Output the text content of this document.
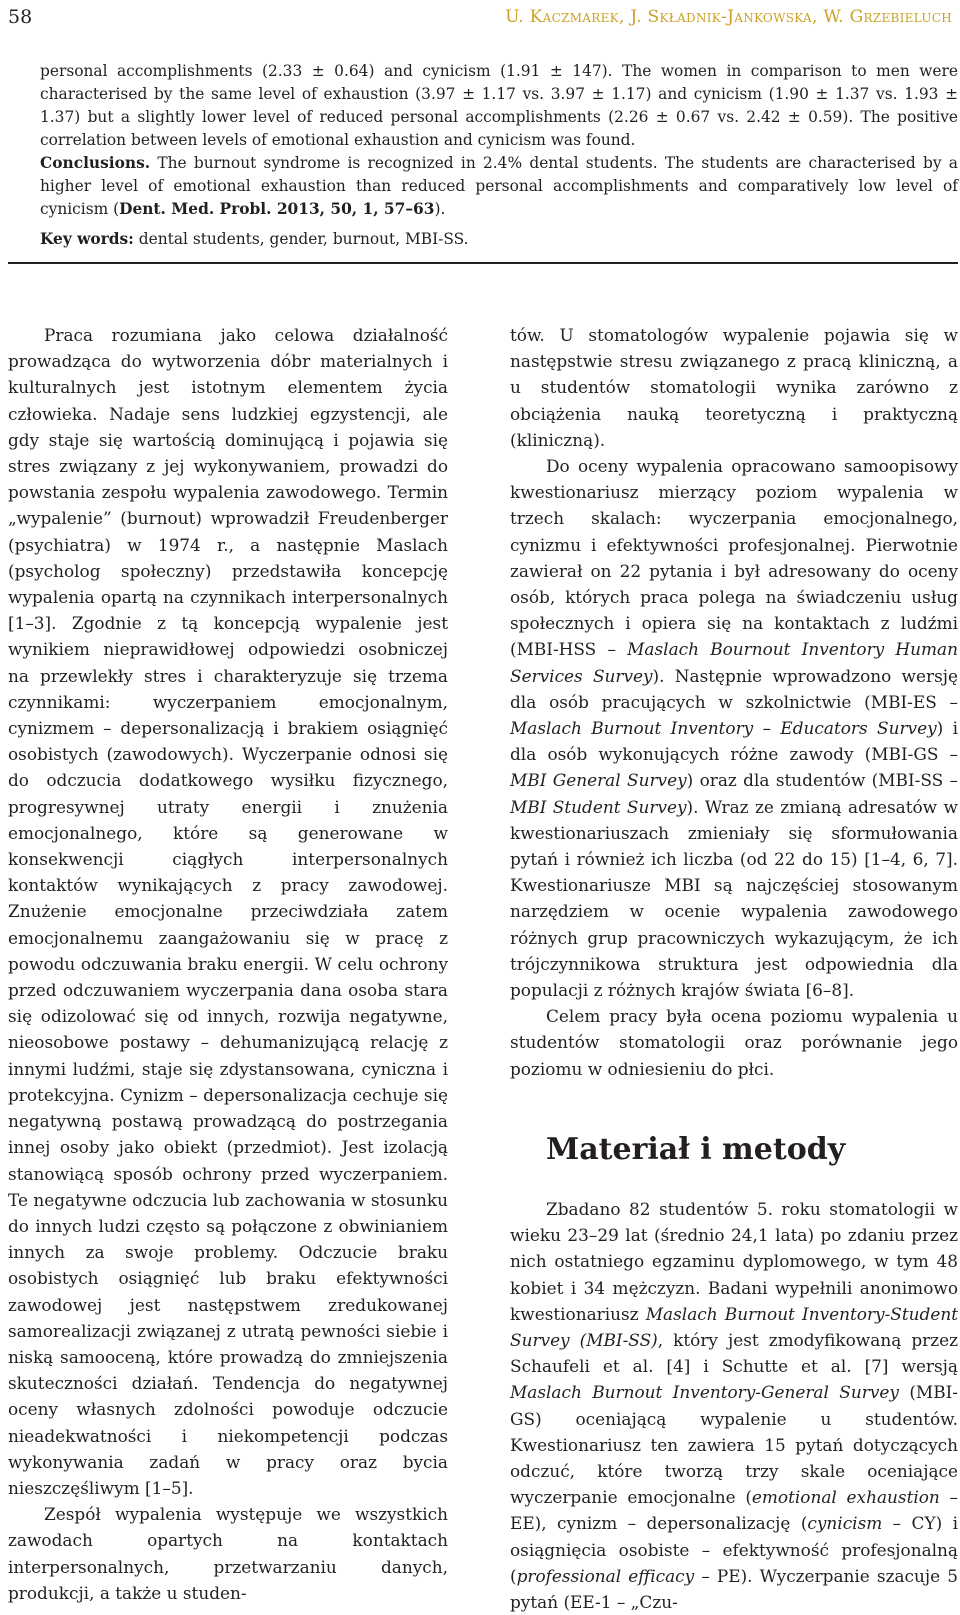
58	U. Kaczmarek, J. Składnik-Jankowska, W. Grzebieluch

personal accomplishments (2.33 ± 0.64) and cynicism (1.91 ± 147). The women in comparison to men were characterised by the same level of exhaustion (3.97 ± 1.17 vs. 3.97 ± 1.17) and cynicism (1.90 ± 1.37 vs. 1.93 ± 1.37) but a slightly lower level of reduced personal accomplishments (2.26 ± 0.67 vs. 2.42 ± 0.59). The positive correlation between levels of emotional exhaustion and cynicism was found.

Conclusions. The burnout syndrome is recognized in 2.4% dental students. The students are characterised by a higher level of emotional exhaustion than reduced personal accomplishments and comparatively low level of cynicism (Dent. Med. Probl. 2013, 50, 1, 57–63).

Key words: dental students, gender, burnout, MBI-SS.

Praca rozumiana jako celowa działalność prowadząca do wytworzenia dóbr materialnych i kulturalnych jest istotnym elementem życia człowieka. Nadaje sens ludzkiej egzystencji, ale gdy staje się wartością dominującą i pojawia się stres związany z jej wykonywaniem, prowadzi do powstania zespołu wypalenia zawodowego. Termin „wypalenie” (burnout) wprowadził Freudenberger (psychiatra) w 1974 r., a następnie Maslach (psycholog społeczny) przedstawiła koncepcję wypalenia opartą na czynnikach interpersonalnych [1–3]. Zgodnie z tą koncepcją wypalenie jest wynikiem nieprawidłowej odpowiedzi osobniczej na przewlekły stres i charakteryzuje się trzema czynnikami: wyczerpaniem emocjonalnym, cynizmem – depersonalizacją i brakiem osiągnięć osobistych (zawodowych). Wyczerpanie odnosi się do odczucia dodatkowego wysiłku fizycznego, progresywnej utraty energii i znużenia emocjonalnego, które są generowane w konsekwencji ciągłych interpersonalnych kontaktów wynikających z pracy zawodowej. Znużenie emocjonalne przeciwdziała zatem emocjonalnemu zaangażowaniu się w pracę z powodu odczuwania braku energii. W celu ochrony przed odczuwaniem wyczerpania dana osoba stara się odizolować się od innych, rozwija negatywne, nieosobowe postawy – dehumanizującą relację z innymi ludźmi, staje się zdystansowana, cyniczna i protekcyjna. Cynizm – depersonalizacja cechuje się negatywną postawą prowadzącą do postrzegania innej osoby jako obiekt (przedmiot). Jest izolacją stanowiącą sposób ochrony przed wyczerpaniem. Te negatywne odczucia lub zachowania w stosunku do innych ludzi często są połączone z obwinianiem innych za swoje problemy. Odczucie braku osobistych osiągnięć lub braku efektywności zawodowej jest następstwem zredukowanej samorealizacji związanej z utratą pewności siebie i niską samooceną, które prowadzą do zmniejszenia skuteczności działań. Tendencja do negatywnej oceny własnych zdolności powoduje odczucie nieadekwatności i niekompetencji podczas wykonywania zadań w pracy oraz bycia nieszczęśliwym [1–5].

Zespół wypalenia występuje we wszystkich zawodach opartych na kontaktach interpersonalnych, przetwarzaniu danych, produkcji, a także u studen-

tów. U stomatologów wypalenie pojawia się w następstwie stresu związanego z pracą kliniczną, a u studentów stomatologii wynika zarówno z obciążenia nauką teoretyczną i praktyczną (kliniczną).

Do oceny wypalenia opracowano samoopisowy kwestionariusz mierzący poziom wypalenia w trzech skalach: wyczerpania emocjonalnego, cynizmu i efektywności profesjonalnej. Pierwotnie zawierał on 22 pytania i był adresowany do oceny osób, których praca polega na świadczeniu usług społecznych i opiera się na kontaktach z ludźmi (MBI-HSS – Maslach Bournout Inventory Human Services Survey). Następnie wprowadzono wersję dla osób pracujących w szkolnictwie (MBI-ES – Maslach Burnout Inventory – Educators Survey) i dla osób wykonujących różne zawody (MBI-GS – MBI General Survey) oraz dla studentów (MBI-SS – MBI Student Survey). Wraz ze zmianą adresatów w kwestionariuszach zmieniały się sformułowania pytań i również ich liczba (od 22 do 15) [1–4, 6, 7]. Kwestionariusze MBI są najczęściej stosowanym narzędziem w ocenie wypalenia zawodowego różnych grup pracowniczych wykazującym, że ich trójczynnikowa struktura jest odpowiednia dla populacji z różnych krajów świata [6–8].

Celem pracy była ocena poziomu wypalenia u studentów stomatologii oraz porównanie jego poziomu w odniesieniu do płci.

Materiał i metody

Zbadano 82 studentów 5. roku stomatologii w wieku 23–29 lat (średnio 24,1 lata) po zdaniu przez nich ostatniego egzaminu dyplomowego, w tym 48 kobiet i 34 mężczyzn. Badani wypełnili anonimowo kwestionariusz Maslach Burnout Inventory-Student Survey (MBI-SS), który jest zmodyfikowaną przez Schaufeli et al. [4] i Schutte et al. [7] wersją Maslach Burnout Inventory-General Survey (MBI-GS) oceniającą wypalenie u studentów. Kwestionariusz ten zawiera 15 pytań dotyczących odczuć, które tworzą trzy skale oceniające wyczerpanie emocjonalne (emotional exhaustion – EE), cynizm – depersonalizację (cynicism – CY) i osiągnięcia osobiste – efektywność profesjonalną (professional efficacy – PE). Wyczerpanie szacuje 5 pytań (EE-1 – „Czu-
